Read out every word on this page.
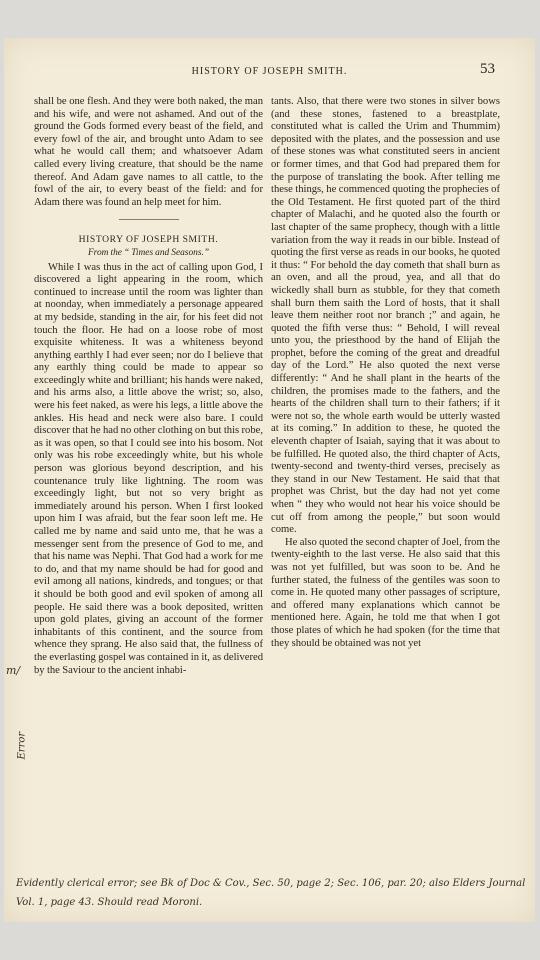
HISTORY OF JOSEPH SMITH.	53

shall be one flesh. And they were both naked, the man and his wife, and were not ashamed. And out of the ground the Gods formed every beast of the field, and every fowl of the air, and brought unto Adam to see what he would call them; and whatsoever Adam called every living creature, that should be the name thereof. And Adam gave names to all cattle, to the fowl of the air, to every beast of the field: and for Adam there was found an help meet for him.

HISTORY OF JOSEPH SMITH.

From the “ Times and Seasons.”

While I was thus in the act of calling upon God, I discovered a light appearing in the room, which continued to increase until the room was lighter than at noonday, when immediately a personage appeared at my bedside, standing in the air, for his feet did not touch the floor. He had on a loose robe of most exquisite whiteness. It was a whiteness beyond anything earthly I had ever seen; nor do I believe that any earthly thing could be made to appear so exceedingly white and brilliant; his hands were naked, and his arms also, a little above the wrist; so, also, were his feet naked, as were his legs, a little above the ankles. His head and neck were also bare. I could discover that he had no other clothing on but this robe, as it was open, so that I could see into his bosom. Not only was his robe exceedingly white, but his whole person was glorious beyond description, and his countenance truly like lightning. The room was exceedingly light, but not so very bright as immediately around his person. When I first looked upon him I was afraid, but the fear soon left me. He called me by name and said unto me, that he was a messenger sent from the presence of God to me, and that his name was Nephi. That God had a work for me to do, and that my name should be had for good and evil among all nations, kindreds, and tongues; or that it should be both good and evil spoken of among all people. He said there was a book deposited, written upon gold plates, giving an account of the former inhabitants of this continent, and the source from whence they sprang. He also said that, the fullness of the everlasting gospel was contained in it, as delivered by the Saviour to the ancient inhabi-

tants. Also, that there were two stones in silver bows (and these stones, fastened to a breastplate, constituted what is called the Urim and Thummim) deposited with the plates, and the possession and use of these stones was what constituted seers in ancient or former times, and that God had prepared them for the purpose of translating the book. After telling me these things, he commenced quoting the prophecies of the Old Testament. He first quoted part of the third chapter of Malachi, and he quoted also the fourth or last chapter of the same prophecy, though with a little variation from the way it reads in our bible. Instead of quoting the first verse as reads in our books, he quoted it thus: “ For behold the day cometh that shall burn as an oven, and all the proud, yea, and all that do wickedly shall burn as stubble, for they that cometh shall burn them saith the Lord of hosts, that it shall leave them neither root nor branch ;” and again, he quoted the fifth verse thus: “ Behold, I will reveal unto you, the priesthood by the hand of Elijah the prophet, before the coming of the great and dreadful day of the Lord.” He also quoted the next verse differently: “ And he shall plant in the hearts of the children, the promises made to the fathers, and the hearts of the children shall turn to their fathers; if it were not so, the whole earth would be utterly wasted at its coming.” In addition to these, he quoted the eleventh chapter of Isaiah, saying that it was about to be fulfilled. He quoted also, the third chapter of Acts, twenty-second and twenty-third verses, precisely as they stand in our New Testament. He said that that prophet was Christ, but the day had not yet come when “ they who would not hear his voice should be cut off from among the people,” but soon would come.

He also quoted the second chapter of Joel, from the twenty-eighth to the last verse. He also said that this was not yet fulfilled, but was soon to be. And he further stated, the fulness of the gentiles was soon to come in. He quoted many other passages of scripture, and offered many explanations which cannot be mentioned here. Again, he told me that when I got those plates of which he had spoken (for the time that they should be obtained was not yet

m/
Error
Evidently clerical error; see Bk of Doc & Cov., Sec. 50, page 2; Sec. 106, par. 20; also Elders Journal Vol. 1, page 43. Should read Moroni.
